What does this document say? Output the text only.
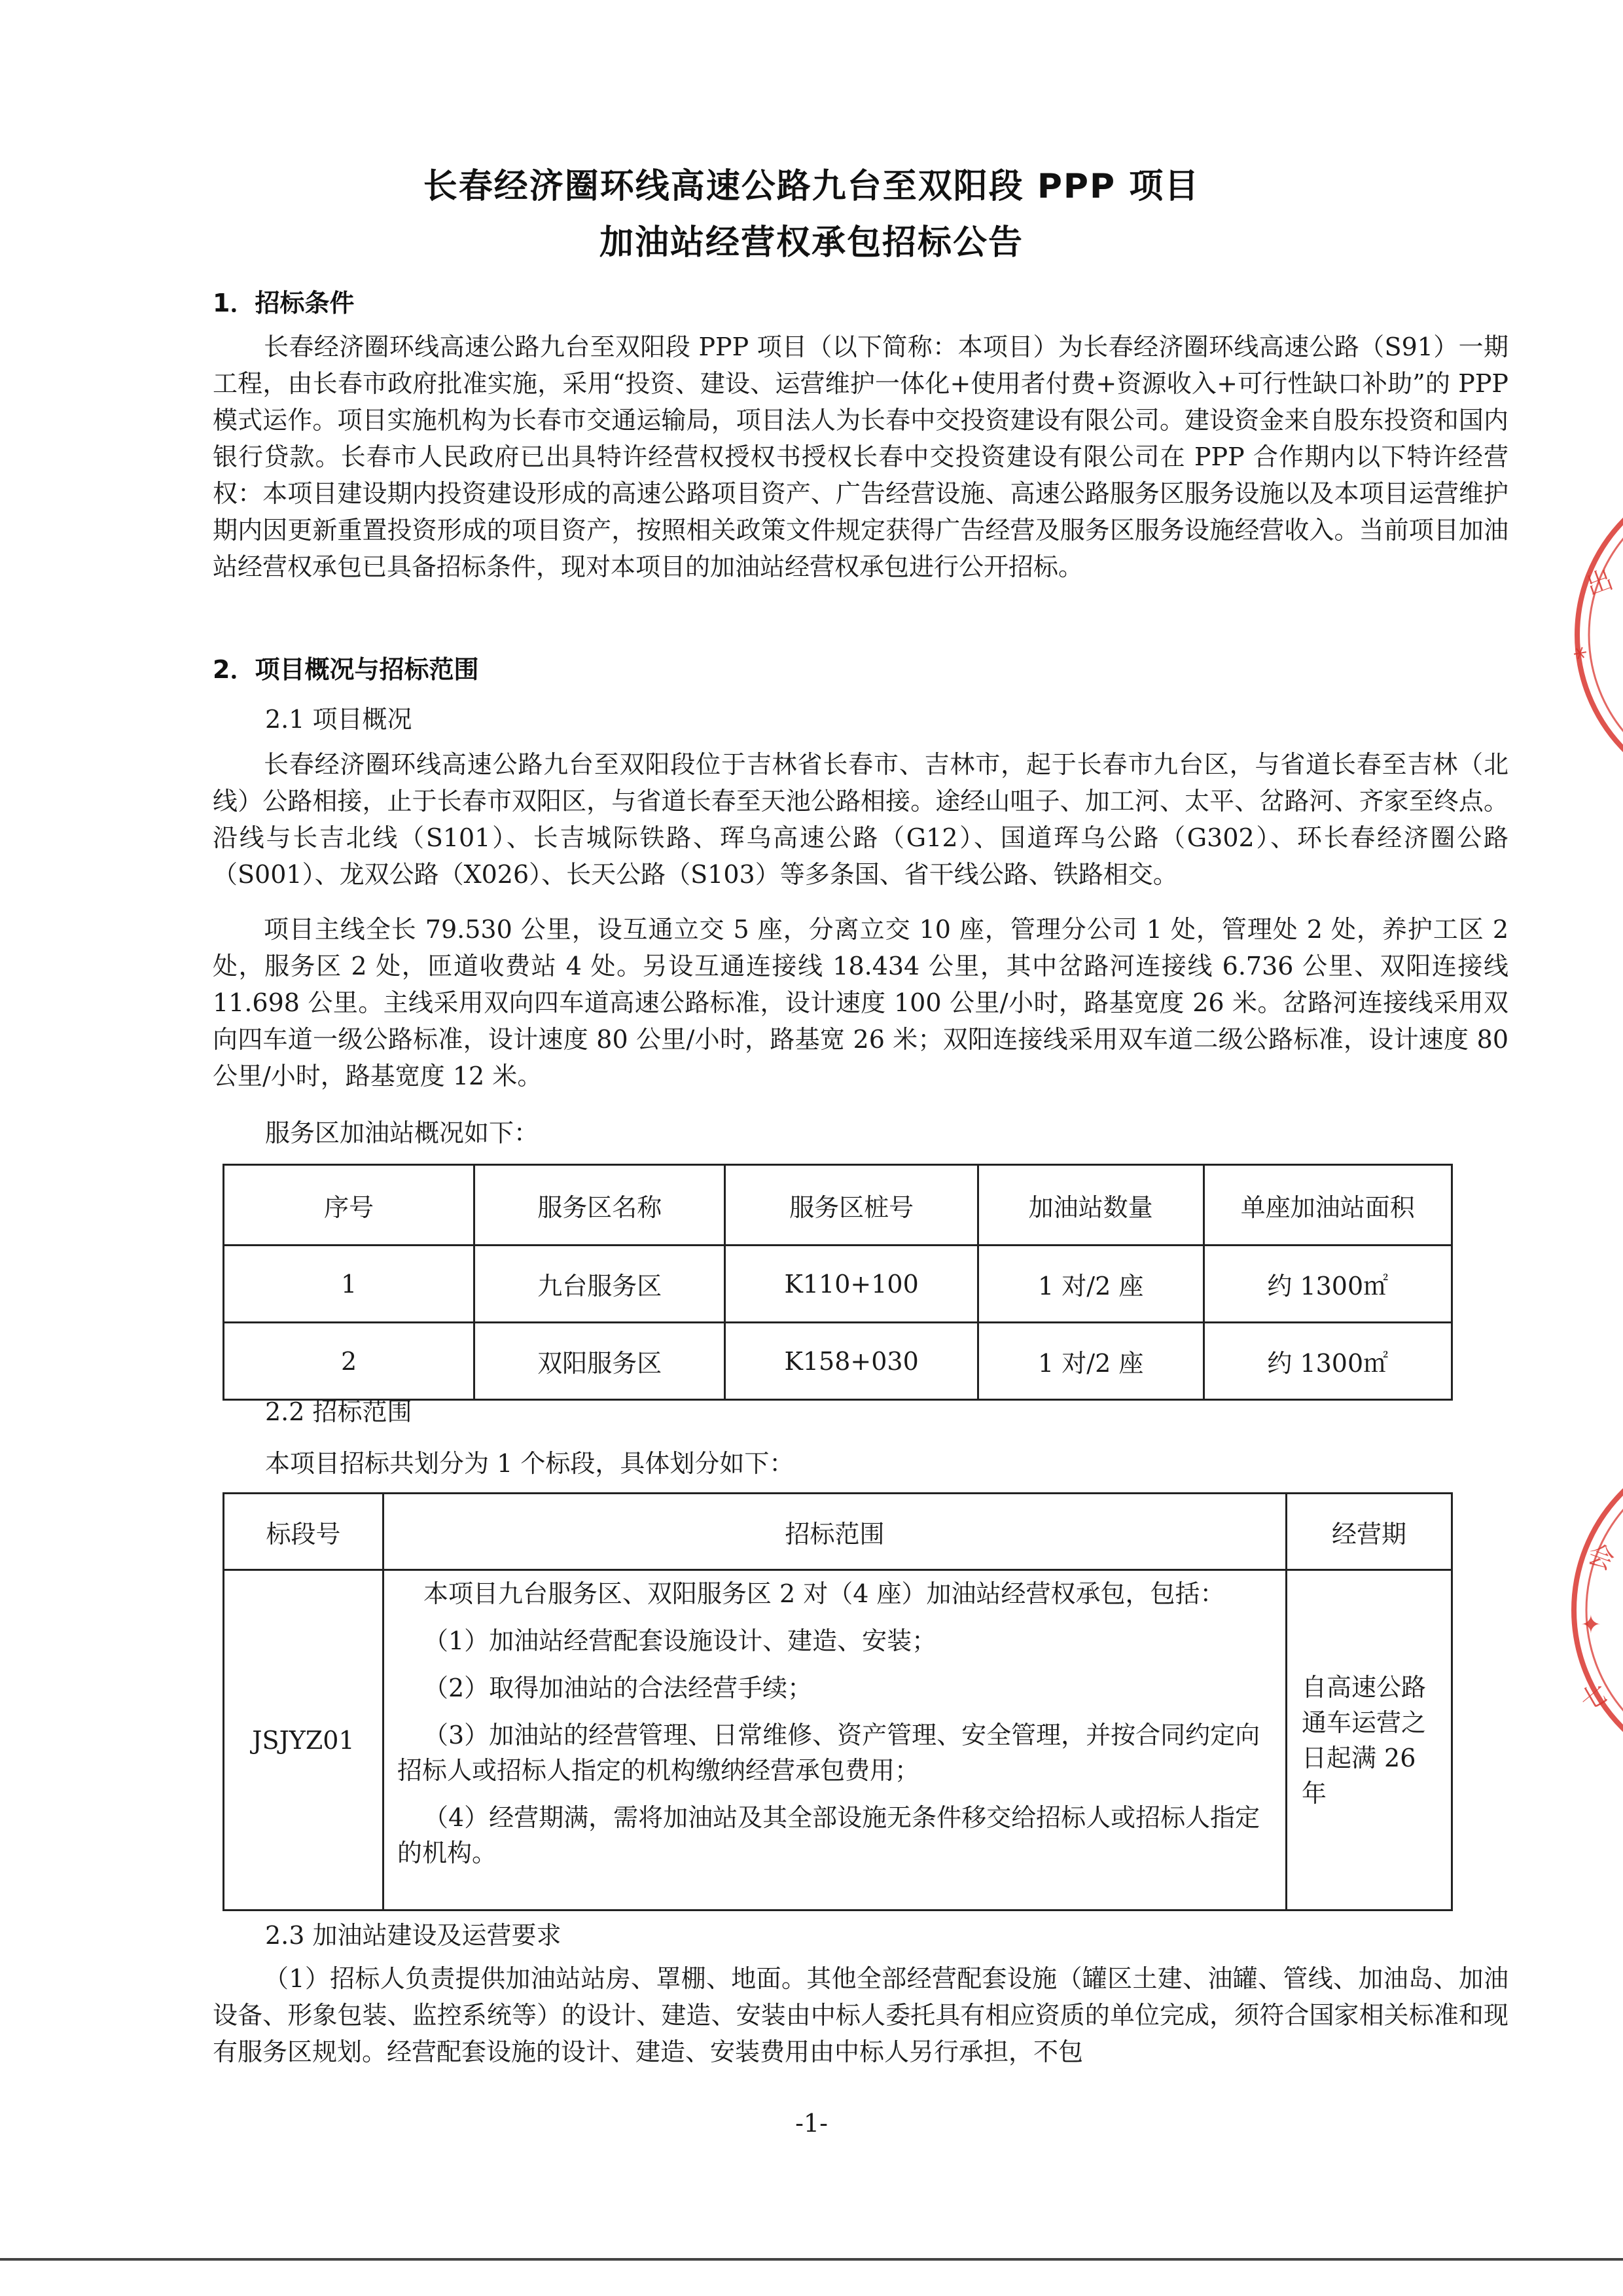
长春经济圈环线高速公路九台至双阳段 PPP 项目
加油站经营权承包招标公告
1．招标条件
长春经济圈环线高速公路九台至双阳段 PPP 项目（以下简称：本项目）为长春经济圈环线高速公路（S91）一期工程，由长春市政府批准实施，采用“投资、建设、运营维护一体化+使用者付费+资源收入+可行性缺口补助”的 PPP 模式运作。项目实施机构为长春市交通运输局，项目法人为长春中交投资建设有限公司。建设资金来自股东投资和国内银行贷款。长春市人民政府已出具特许经营权授权书授权长春中交投资建设有限公司在 PPP 合作期内以下特许经营权：本项目建设期内投资建设形成的高速公路项目资产、广告经营设施、高速公路服务区服务设施以及本项目运营维护期内因更新重置投资形成的项目资产，按照相关政策文件规定获得广告经营及服务区服务设施经营收入。当前项目加油站经营权承包已具备招标条件，现对本项目的加油站经营权承包进行公开招标。
2．项目概况与招标范围
2.1 项目概况
长春经济圈环线高速公路九台至双阳段位于吉林省长春市、吉林市，起于长春市九台区，与省道长春至吉林（北线）公路相接，止于长春市双阳区，与省道长春至天池公路相接。途经山咀子、加工河、太平、岔路河、齐家至终点。沿线与长吉北线（S101）、长吉城际铁路、珲乌高速公路（G12）、国道珲乌公路（G302）、环长春经济圈公路（S001）、龙双公路（X026）、长天公路（S103）等多条国、省干线公路、铁路相交。
项目主线全长 79.530 公里，设互通立交 5 座，分离立交 10 座，管理分公司 1 处，管理处 2 处，养护工区 2 处，服务区 2 处，匝道收费站 4 处。另设互通连接线 18.434 公里，其中岔路河连接线 6.736 公里、双阳连接线 11.698 公里。主线采用双向四车道高速公路标准，设计速度 100 公里/小时，路基宽度 26 米。岔路河连接线采用双向四车道一级公路标准，设计速度 80 公里/小时，路基宽 26 米；双阳连接线采用双车道二级公路标准，设计速度 80 公里/小时，路基宽度 12 米。
服务区加油站概况如下：
序号	服务区名称	服务区桩号	加油站数量	单座加油站面积
1	九台服务区	K110+100	1 对/2 座	约 1300㎡
2	双阳服务区	K158+030	1 对/2 座	约 1300㎡
2.2 招标范围
本项目招标共划分为 1 个标段，具体划分如下：
标段号	招标范围	经营期
JSJYZ01	本项目九台服务区、双阳服务区 2 对（4 座）加油站经营权承包，包括：
（1）加油站经营配套设施设计、建造、安装；
（2）取得加油站的合法经营手续；
（3）加油站的经营管理、日常维修、资产管理、安全管理，并按合同约定向招标人或招标人指定的机构缴纳经营承包费用；
（4）经营期满，需将加油站及其全部设施无条件移交给招标人或招标人指定的机构。	自高速公路通车运营之日起满 26 年
2.3 加油站建设及运营要求
（1）招标人负责提供加油站站房、罩棚、地面。其他全部经营配套设施（罐区土建、油罐、管线、加油岛、加油设备、形象包装、监控系统等）的设计、建造、安装由中标人委托具有相应资质的单位完成，须符合国家相关标准和现有服务区规划。经营配套设施的设计、建造、安装费用由中标人另行承担，不包
-1-
出
*
会
✦
七
